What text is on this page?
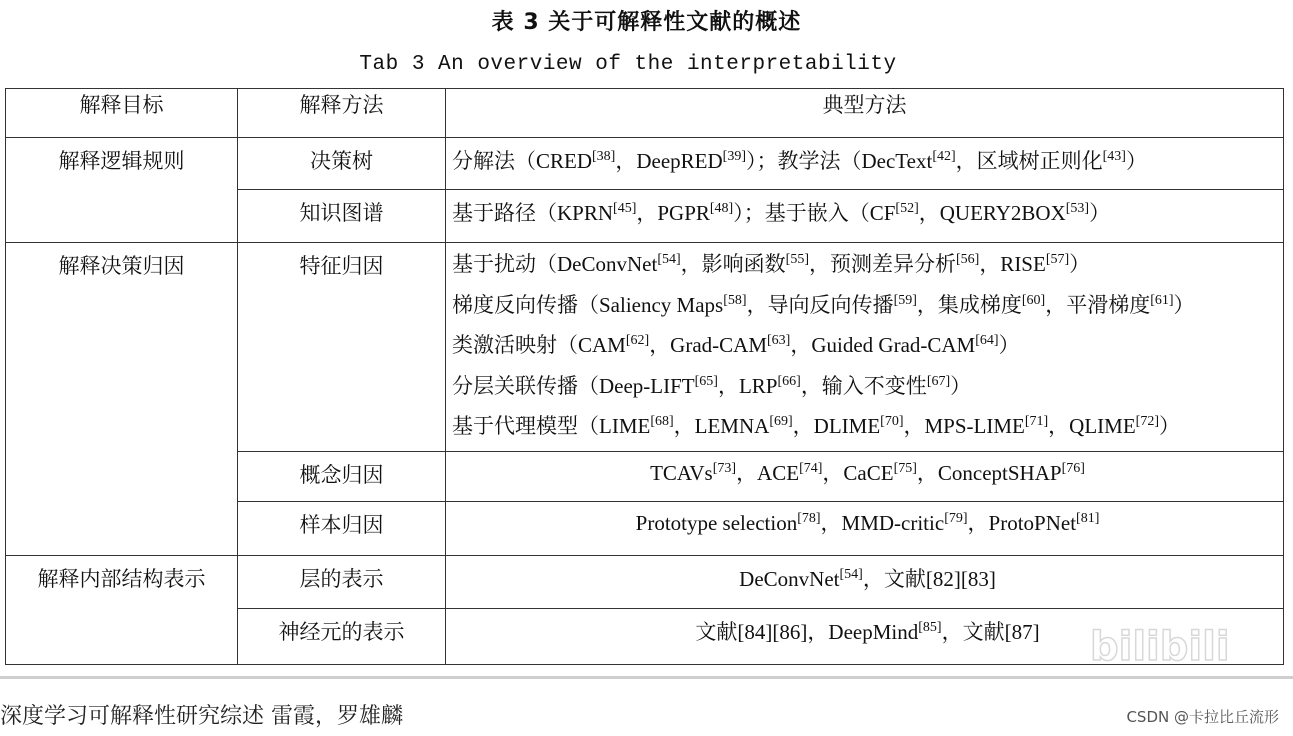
表 3 关于可解释性文献的概述
Tab 3 An overview of the interpretability
解释目标	解释方法	典型方法
解释逻辑规则	决策树	分解法（CRED[38]，DeepRED[39]）；教学法（DecText[42]，区域树正则化[43]）
	知识图谱	基于路径（KPRN[45]，PGPR[48]）；基于嵌入（CF[52]，QUERY2BOX[53]）
解释决策归因	特征归因	基于扰动（DeConvNet[54]，影响函数[55]，预测差异分析[56]，RISE[57]）
梯度反向传播（Saliency Maps[58]，导向反向传播[59]，集成梯度[60]，平滑梯度[61]）
类激活映射（CAM[62]，Grad-CAM[63]，Guided Grad-CAM[64]）
分层关联传播（Deep-LIFT[65]，LRP[66]，输入不变性[67]）
基于代理模型（LIME[68]，LEMNA[69]，DLIME[70]，MPS-LIME[71]，QLIME[72]）

	概念归因	TCAVs[73]，ACE[74]，CaCE[75]，ConceptSHAP[76]
	样本归因	Prototype selection[78]，MMD-critic[79]，ProtoPNet[81]
解释内部结构表示	层的表示	DeConvNet[54]，文献[82][83]
	神经元的表示	文献[84][86]，DeepMind[85]，文献[87]
深度学习可解释性研究综述 雷霞，罗雄麟	CSDN @卡拉比丘流形
bilibili
